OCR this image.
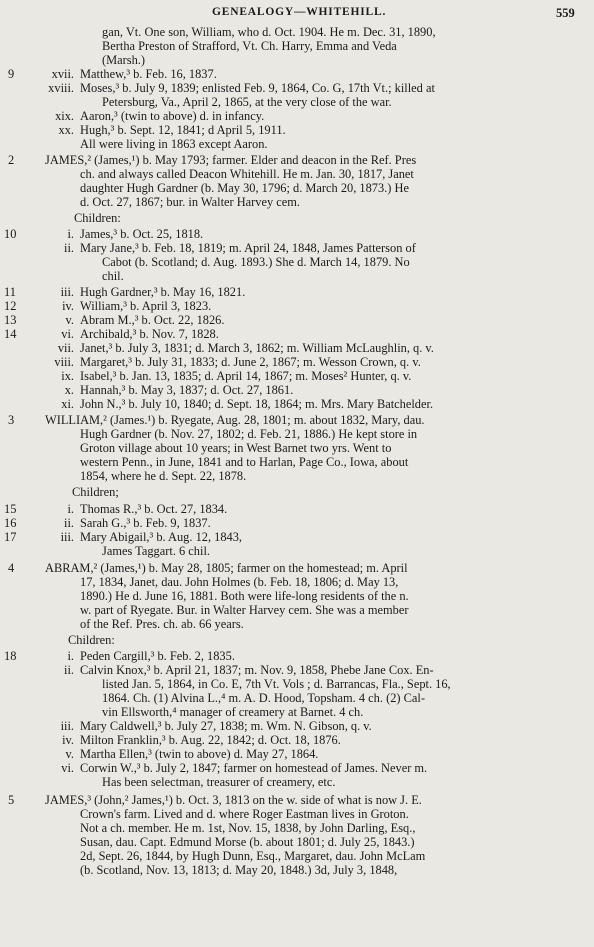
GENEALOGY—WHITEHILL.	559
gan, Vt. One son, William, who d. Oct. 1904. He m. Dec. 31, 1890,
Bertha Preston of Strafford, Vt. Ch. Harry, Emma and Veda
(Marsh.)
9	xvii. Matthew,³ b. Feb. 16, 1837.
xviii. Moses,³ b. July 9, 1839; enlisted Feb. 9, 1864, Co. G, 17th Vt.; killed at
Petersburg, Va., April 2, 1865, at the very close of the war.
xix. Aaron,³ (twin to above) d. in infancy.
xx. Hugh,³ b. Sept. 12, 1841; d April 5, 1911.
All were living in 1863 except Aaron.
2 JAMES,² (James,¹) b. May 1793; farmer. Elder and deacon in the Ref. Pres
ch. and always called Deacon Whitehill. He m. Jan. 30, 1817, Janet
daughter Hugh Gardner (b. May 30, 1796; d. March 20, 1873.) He
d. Oct. 27, 1867; bur. in Walter Harvey cem.
Children:
10	i. James,³ b. Oct. 25, 1818.
ii. Mary Jane,³ b. Feb. 18, 1819; m. April 24, 1848, James Patterson of
Cabot (b. Scotland; d. Aug. 1893.) She d. March 14, 1879. No
chil.
11	iii. Hugh Gardner,³ b. May 16, 1821.
12	iv. William,³ b. April 3, 1823.
13	v. Abram M.,³ b. Oct. 22, 1826.
14	vi. Archibald,³ b. Nov. 7, 1828.
vii. Janet,³ b. July 3, 1831; d. March 3, 1862; m. William McLaughlin, q. v.
viii. Margaret,³ b. July 31, 1833; d. June 2, 1867; m. Wesson Crown, q. v.
ix. Isabel,³ b. Jan. 13, 1835; d. April 14, 1867; m. Moses² Hunter, q. v.
x. Hannah,³ b. May 3, 1837; d. Oct. 27, 1861.
xi. John N.,³ b. July 10, 1840; d. Sept. 18, 1864; m. Mrs. Mary Batchelder.
3 WILLIAM,² (James.¹) b. Ryegate, Aug. 28, 1801; m. about 1832, Mary, dau.
Hugh Gardner (b. Nov. 27, 1802; d. Feb. 21, 1886.) He kept store in
Groton village about 10 years; in West Barnet two yrs. Went to
western Penn., in June, 1841 and to Harlan, Page Co., Iowa, about
1854, where he d. Sept. 22, 1878.
Children;
15	i. Thomas R.,³ b. Oct. 27, 1834.
16	ii. Sarah G.,³ b. Feb. 9, 1837.
17	iii. Mary Abigail,³ b. Aug. 12, 1843,
James Taggart. 6 chil.
4 ABRAM,² (James,¹) b. May 28, 1805; farmer on the homestead; m. April
17, 1834, Janet, dau. John Holmes (b. Feb. 18, 1806; d. May 13,
1890.) He d. June 16, 1881. Both were life-long residents of the n.
w. part of Ryegate. Bur. in Walter Harvey cem. She was a member
of the Ref. Pres. ch. ab. 66 years.
Children:
18	i. Peden Cargill,³ b. Feb. 2, 1835.
ii. Calvin Knox,³ b. April 21, 1837; m. Nov. 9, 1858, Phebe Jane Cox. En-
listed Jan. 5, 1864, in Co. E, 7th Vt. Vols ; d. Barrancas, Fla., Sept. 16,
1864. Ch. (1) Alvina L.,⁴ m. A. D. Hood, Topsham. 4 ch. (2) Cal-
vin Ellsworth,⁴ manager of creamery at Barnet. 4 ch.
iii. Mary Caldwell,³ b. July 27, 1838; m. Wm. N. Gibson, q. v.
iv. Milton Franklin,³ b. Aug. 22, 1842; d. Oct. 18, 1876.
v. Martha Ellen,³ (twin to above) d. May 27, 1864.
vi. Corwin W.,³ b. July 2, 1847; farmer on homestead of James. Never m.
Has been selectman, treasurer of creamery, etc.
5 JAMES,³ (John,² James,¹) b. Oct. 3, 1813 on the w. side of what is now J. E.
Crown's farm. Lived and d. where Roger Eastman lives in Groton.
Not a ch. member. He m. 1st, Nov. 15, 1838, by John Darling, Esq.,
Susan, dau. Capt. Edmund Morse (b. about 1801; d. July 25, 1843.)
2d, Sept. 26, 1844, by Hugh Dunn, Esq., Margaret, dau. John McLam
(b. Scotland, Nov. 13, 1813; d. May 20, 1848.) 3d, July 3, 1848,
